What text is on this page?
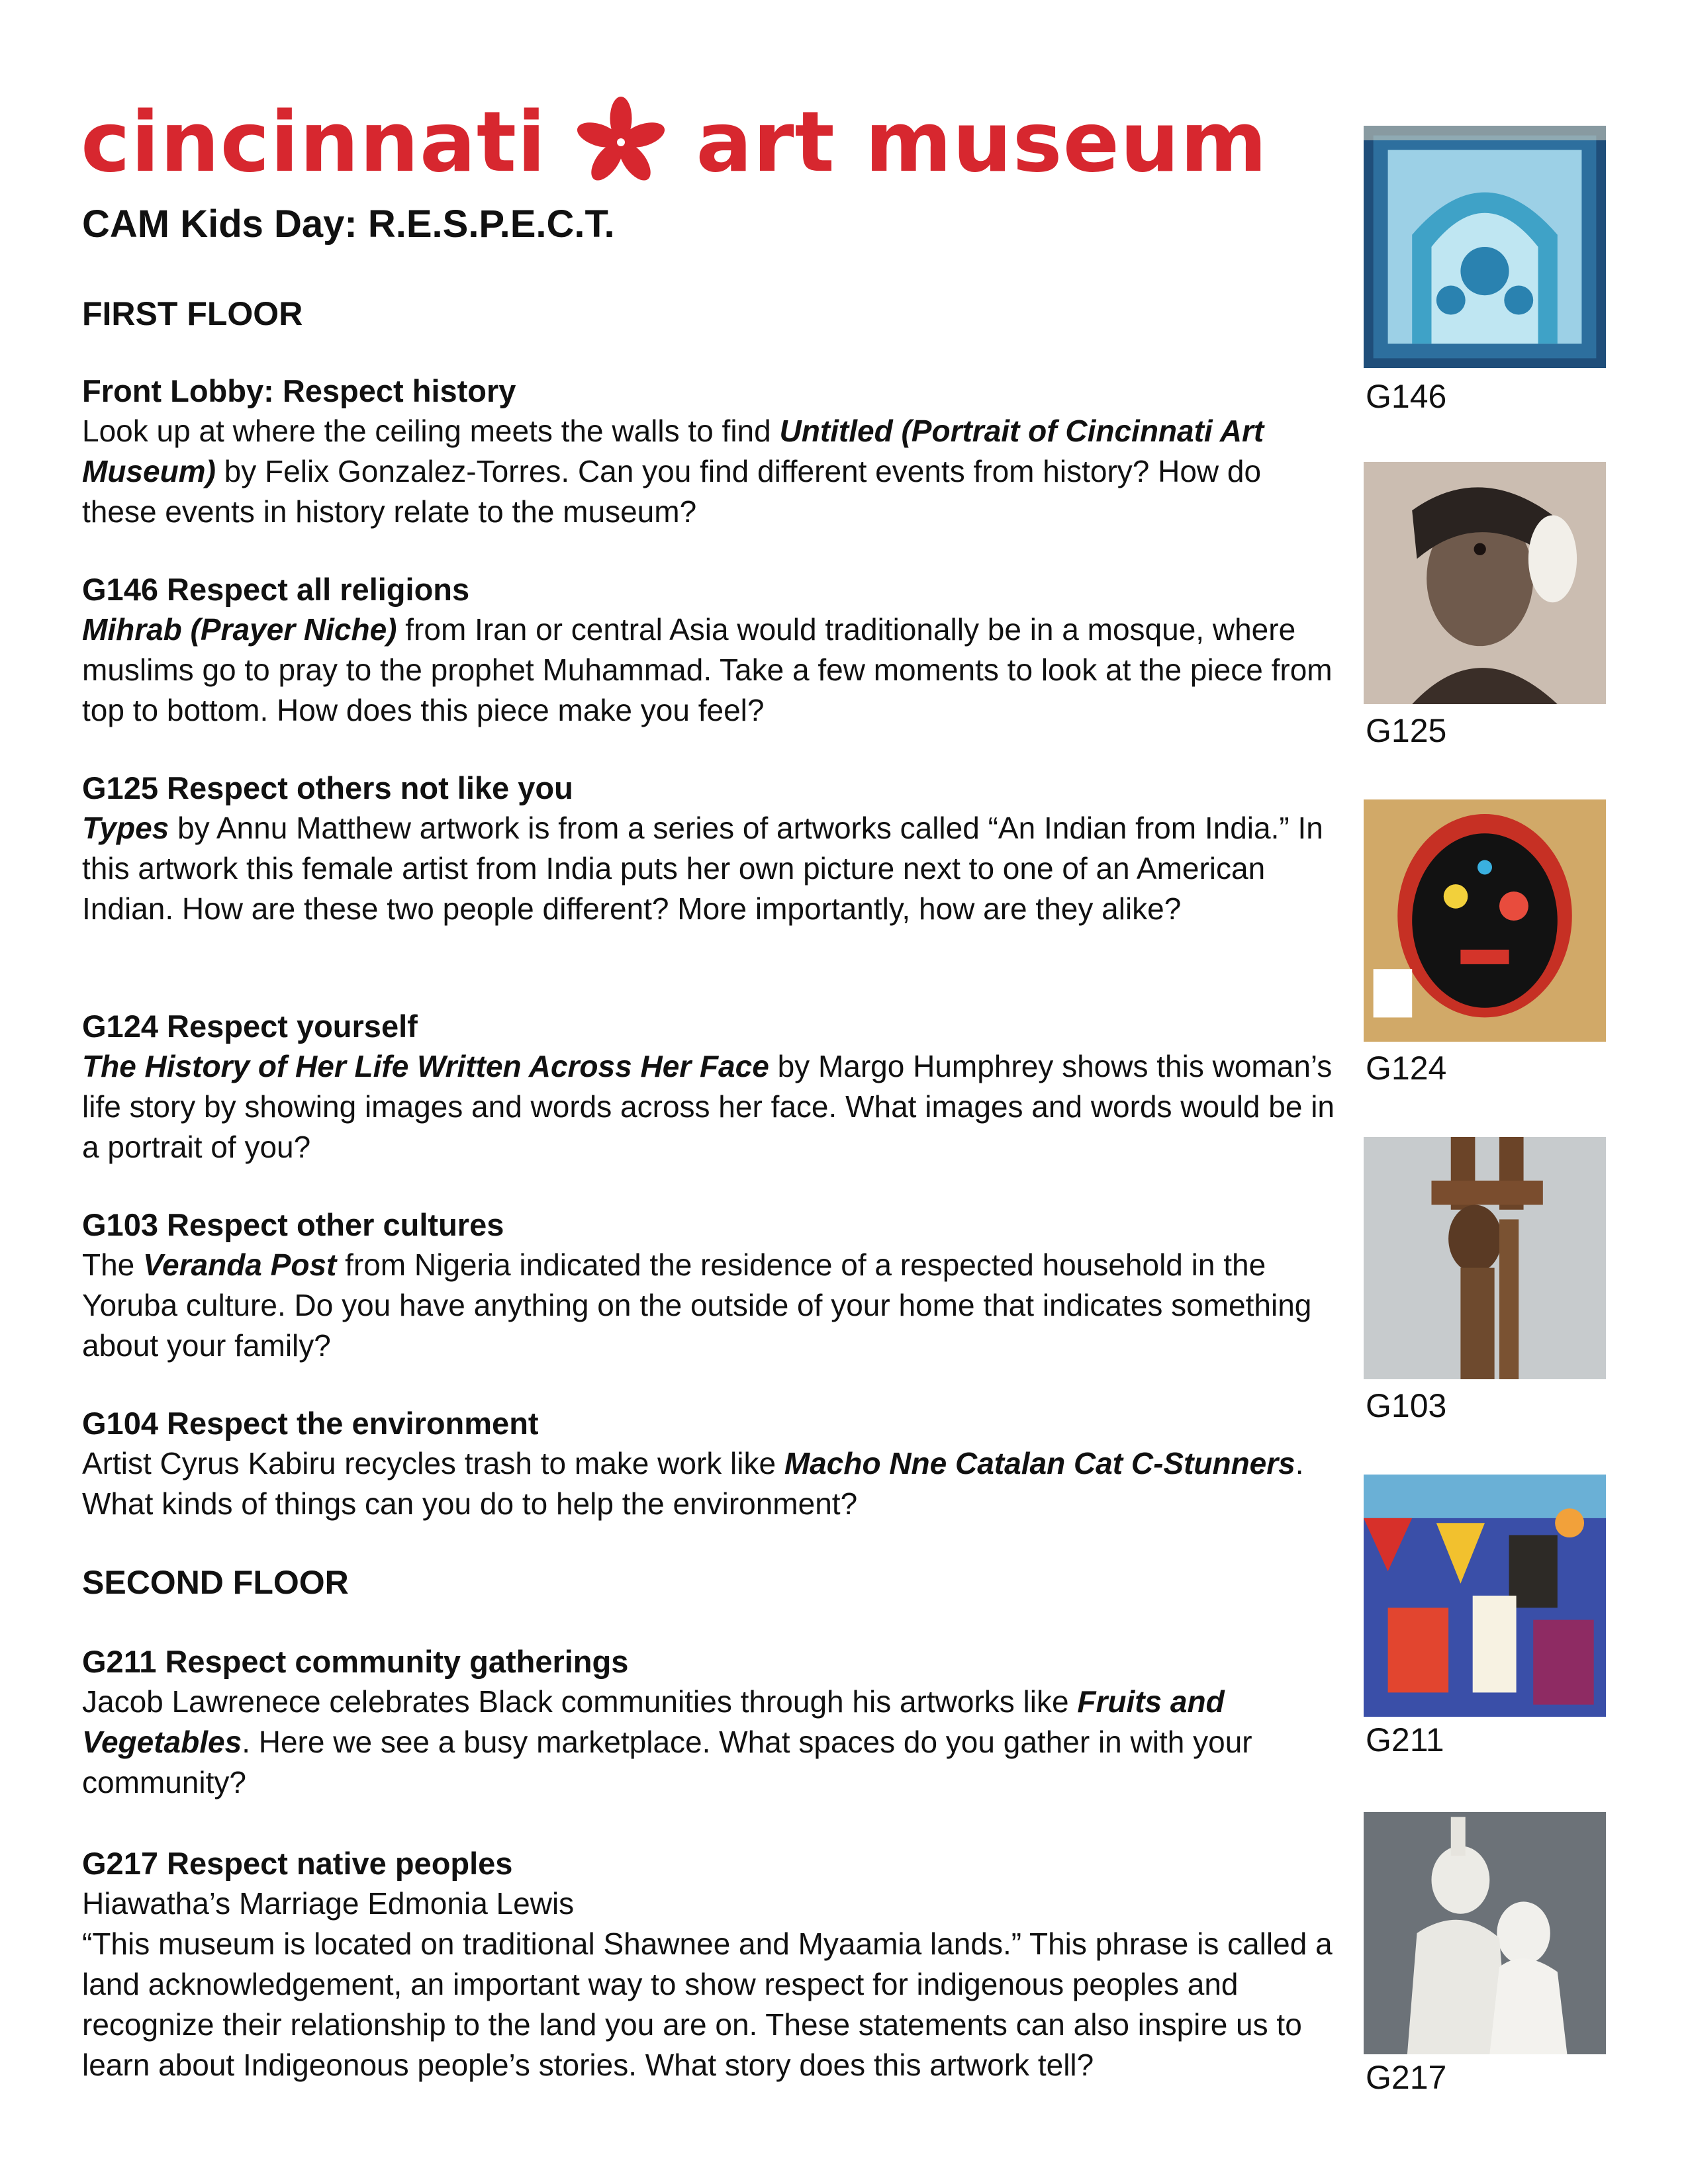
cincinnati art museum
CAM Kids Day: R.E.S.P.E.C.T.
FIRST FLOOR
Front Lobby: Respect history

Look up at where the ceiling meets the walls to find Untitled (Portrait of Cincinnati Art Museum) by Felix Gonzalez-Torres. Can you find different events from history? How do these events in history relate to the museum?

G146 Respect all religions

Mihrab (Prayer Niche) from Iran or central Asia would traditionally be in a mosque, where muslims go to pray to the prophet Muhammad. Take a few moments to look at the piece from top to bottom. How does this piece make you feel?

G125 Respect others not like you

Types by Annu Matthew artwork is from a series of artworks called “An Indian from India.” In this artwork this female artist from India puts her own picture next to one of an American Indian. How are these two people different? More importantly, how are they alike?

G124 Respect yourself

The History of Her Life Written Across Her Face by Margo Humphrey shows this woman’s life story by showing images and words across her face. What images and words would be in a portrait of you?

G103 Respect other cultures

The Veranda Post from Nigeria indicated the residence of a respected household in the Yoruba culture. Do you have anything on the outside of your home that indicates something about your family?

G104 Respect the environment

Artist Cyrus Kabiru recycles trash to make work like Macho Nne Catalan Cat C-Stunners. What kinds of things can you do to help the environment?

SECOND FLOOR
G211 Respect community gatherings

Jacob Lawrenece celebrates Black communities through his artworks like Fruits and Vegetables. Here we see a busy marketplace. What spaces do you gather in with your community?

G217 Respect native peoples

Hiawatha’s Marriage Edmonia Lewis

“This museum is located on traditional Shawnee and Myaamia lands.” This phrase is called a land acknowledgement, an important way to show respect for indigenous peoples and recognize their relationship to the land you are on. These statements can also inspire us to learn about Indigeonous people’s stories. What story does this artwork tell?

G146
G125
G124
G103
G211
G217
